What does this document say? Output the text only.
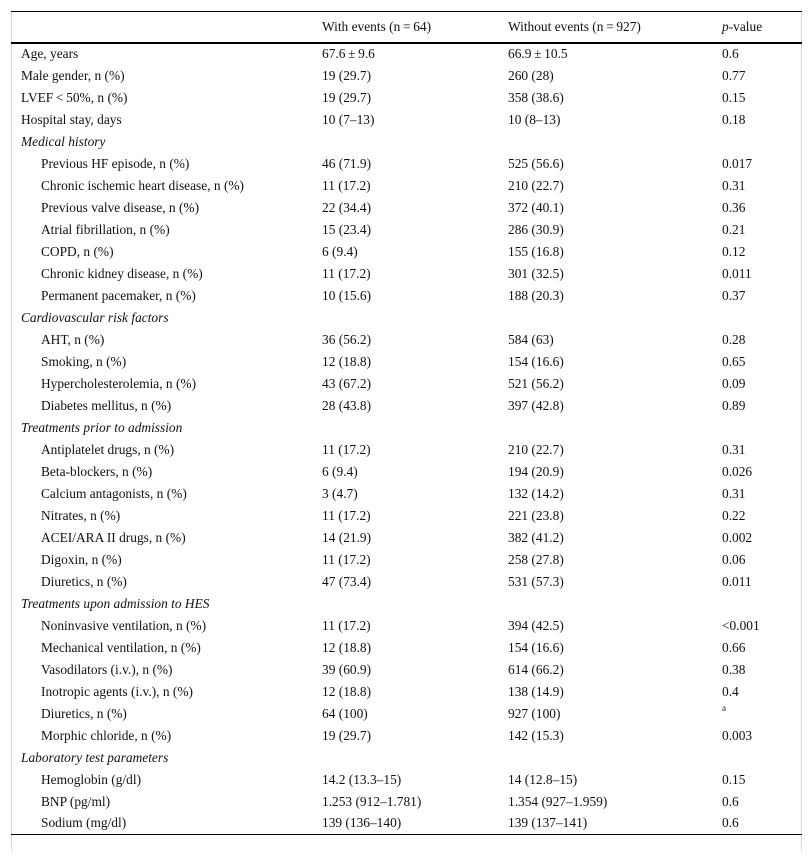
	With events (n = 64)	Without events (n = 927)	p-value
Age, years	67.6 ± 9.6	66.9 ± 10.5	0.6
Male gender, n (%)	19 (29.7)	260 (28)	0.77
LVEF < 50%, n (%)	19 (29.7)	358 (38.6)	0.15
Hospital stay, days	10 (7–13)	10 (8–13)	0.18
Medical history			
Previous HF episode, n (%)	46 (71.9)	525 (56.6)	0.017
Chronic ischemic heart disease, n (%)	11 (17.2)	210 (22.7)	0.31
Previous valve disease, n (%)	22 (34.4)	372 (40.1)	0.36
Atrial fibrillation, n (%)	15 (23.4)	286 (30.9)	0.21
COPD, n (%)	6 (9.4)	155 (16.8)	0.12
Chronic kidney disease, n (%)	11 (17.2)	301 (32.5)	0.011
Permanent pacemaker, n (%)	10 (15.6)	188 (20.3)	0.37
Cardiovascular risk factors			
AHT, n (%)	36 (56.2)	584 (63)	0.28
Smoking, n (%)	12 (18.8)	154 (16.6)	0.65
Hypercholesterolemia, n (%)	43 (67.2)	521 (56.2)	0.09
Diabetes mellitus, n (%)	28 (43.8)	397 (42.8)	0.89
Treatments prior to admission			
Antiplatelet drugs, n (%)	11 (17.2)	210 (22.7)	0.31
Beta-blockers, n (%)	6 (9.4)	194 (20.9)	0.026
Calcium antagonists, n (%)	3 (4.7)	132 (14.2)	0.31
Nitrates, n (%)	11 (17.2)	221 (23.8)	0.22
ACEI/ARA II drugs, n (%)	14 (21.9)	382 (41.2)	0.002
Digoxin, n (%)	11 (17.2)	258 (27.8)	0.06
Diuretics, n (%)	47 (73.4)	531 (57.3)	0.011
Treatments upon admission to HES			
Noninvasive ventilation, n (%)	11 (17.2)	394 (42.5)	<0.001
Mechanical ventilation, n (%)	12 (18.8)	154 (16.6)	0.66
Vasodilators (i.v.), n (%)	39 (60.9)	614 (66.2)	0.38
Inotropic agents (i.v.), n (%)	12 (18.8)	138 (14.9)	0.4
Diuretics, n (%)	64 (100)	927 (100)	$^a$
Morphic chloride, n (%)	19 (29.7)	142 (15.3)	0.003
Laboratory test parameters			
Hemoglobin (g/dl)	14.2 (13.3–15)	14 (12.8–15)	0.15
BNP (pg/ml)	1.253 (912–1.781)	1.354 (927–1.959)	0.6
Sodium (mg/dl)	139 (136–140)	139 (137–141)	0.6
